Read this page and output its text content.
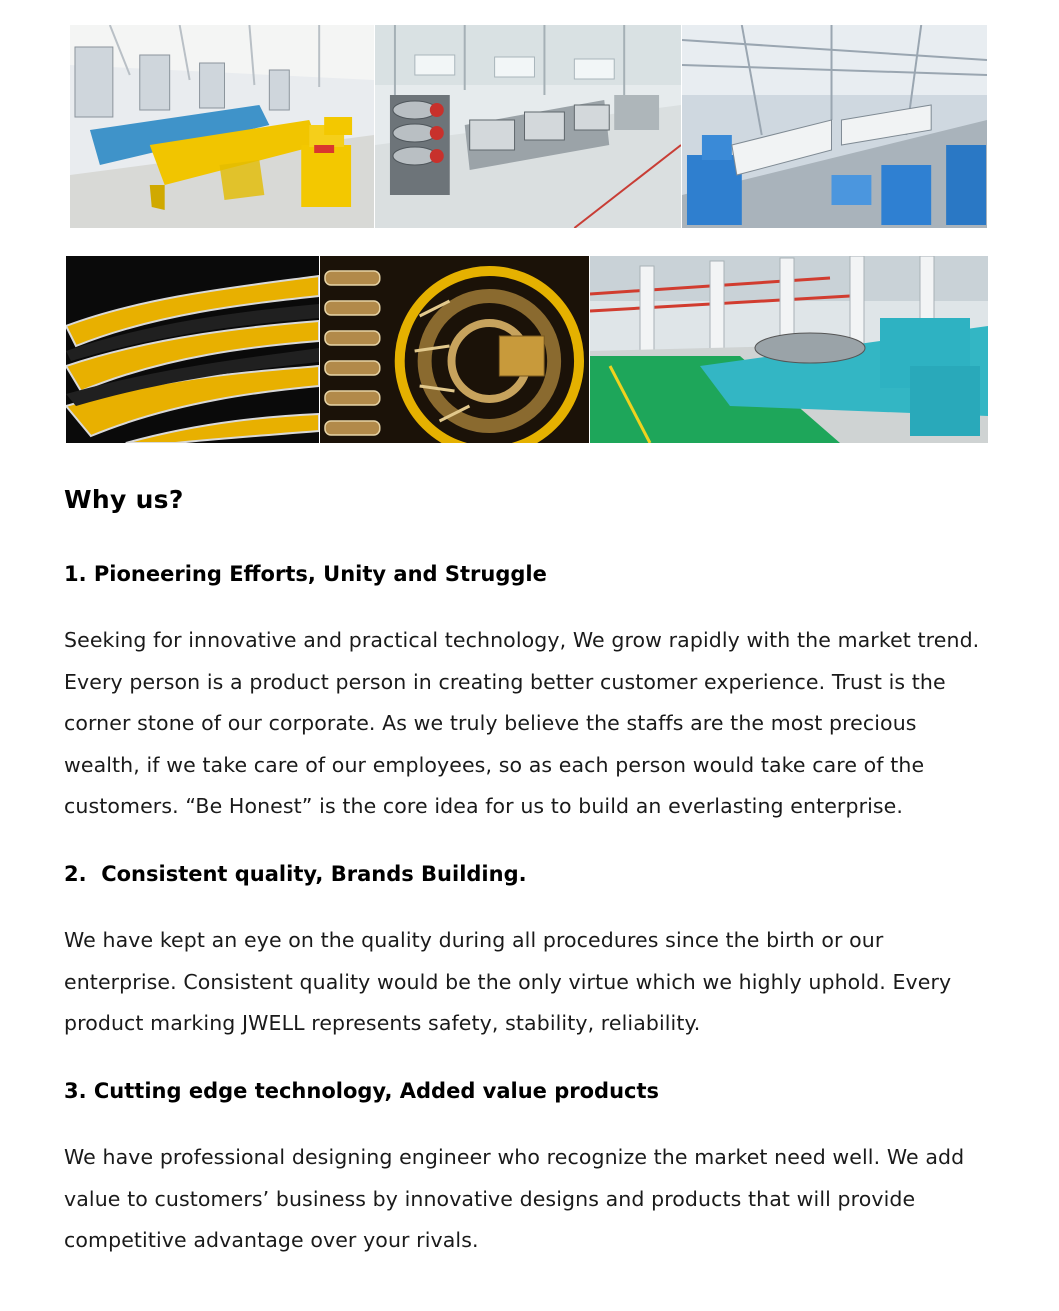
Why us?
1. Pioneering Efforts, Unity and Struggle
Seeking for innovative and practical technology, We grow rapidly with the market trend.
Every person is a product person in creating better customer experience. Trust is the
corner stone of our corporate. As we truly believe the staffs are the most precious
wealth, if we take care of our employees, so as each person would take care of the
customers. “Be Honest” is the core idea for us to build an everlasting enterprise.
2.  Consistent quality, Brands Building.
We have kept an eye on the quality during all procedures since the birth or our
enterprise. Consistent quality would be the only virtue which we highly uphold. Every
product marking JWELL represents safety, stability, reliability.
3. Cutting edge technology, Added value products
We have professional designing engineer who recognize the market need well. We add
value to customers’ business by innovative designs and products that will provide
competitive advantage over your rivals.
